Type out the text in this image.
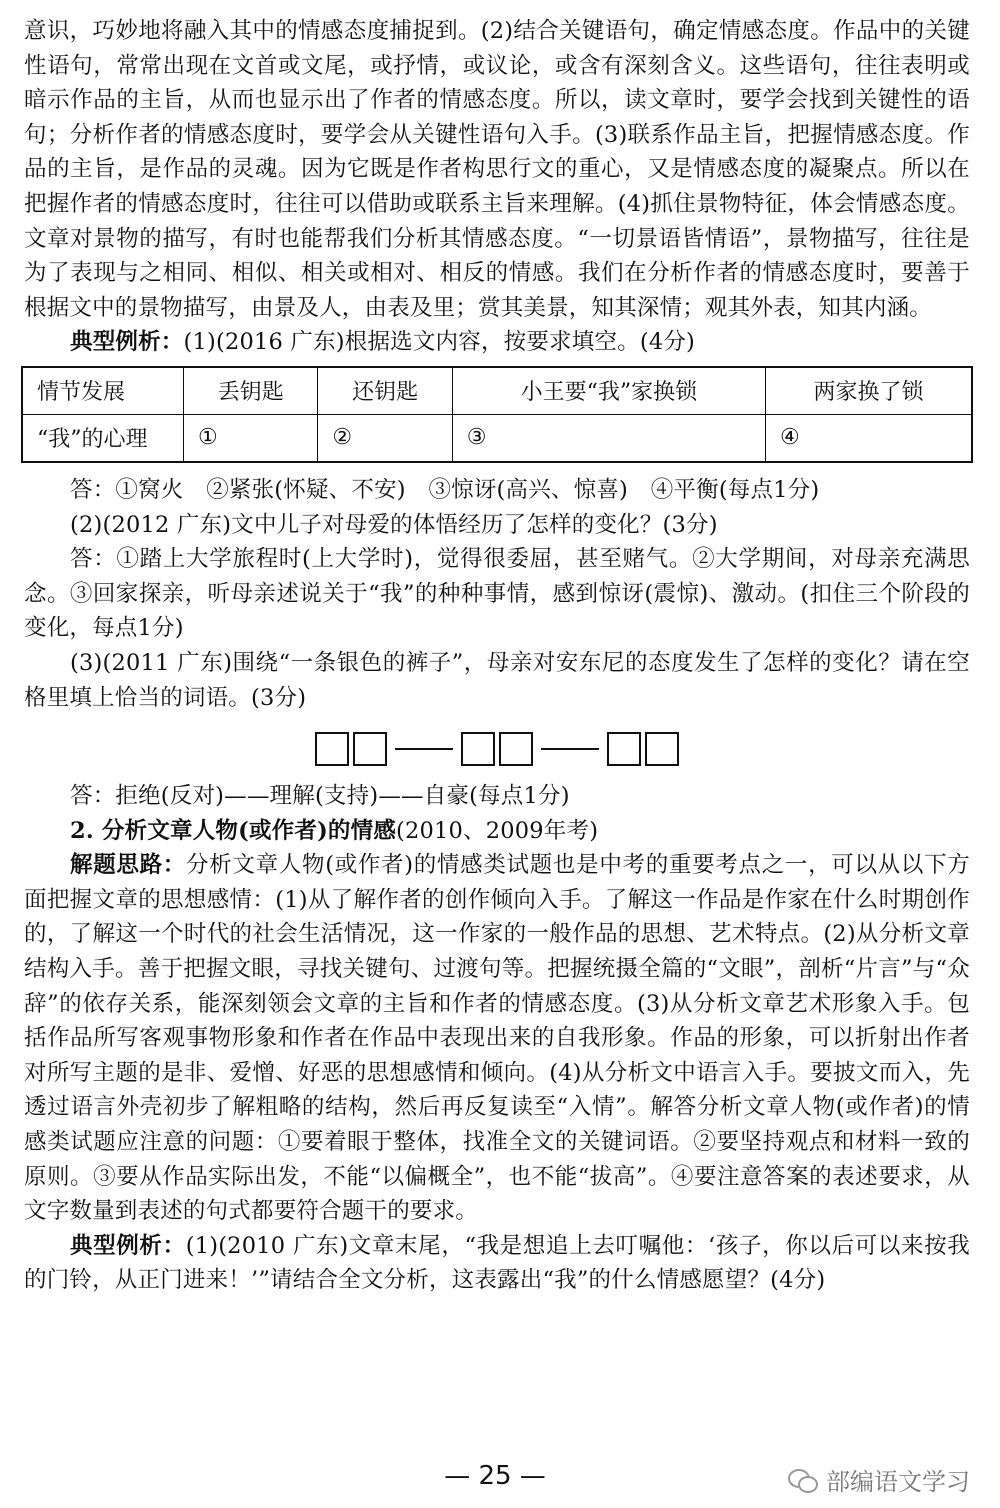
意识，巧妙地将融入其中的情感态度捕捉到。(2)结合关键语句，确定情感态度。作品中的关键性语句，常常出现在文首或文尾，或抒情，或议论，或含有深刻含义。这些语句，往往表明或暗示作品的主旨，从而也显示出了作者的情感态度。所以，读文章时，要学会找到关键性的语句；分析作者的情感态度时，要学会从关键性语句入手。(3)联系作品主旨，把握情感态度。作品的主旨，是作品的灵魂。因为它既是作者构思行文的重心，又是情感态度的凝聚点。所以在把握作者的情感态度时，往往可以借助或联系主旨来理解。(4)抓住景物特征，体会情感态度。文章对景物的描写，有时也能帮我们分析其情感态度。“一切景语皆情语”，景物描写，往往是为了表现与之相同、相似、相关或相对、相反的情感。我们在分析作者的情感态度时，要善于根据文中的景物描写，由景及人，由表及里；赏其美景，知其深情；观其外表，知其内涵。

典型例析：(1)(2016 广东)根据选文内容，按要求填空。(4分)

情节发展	丢钥匙	还钥匙	小王要“我”家换锁	两家换了锁
“我”的心理	①	②	③	④

答：①窝火　②紧张(怀疑、不安)　③惊讶(高兴、惊喜)　④平衡(每点1分)

(2)(2012 广东)文中儿子对母爱的体悟经历了怎样的变化？(3分)

答：①踏上大学旅程时(上大学时)，觉得很委屈，甚至赌气。②大学期间，对母亲充满思念。③回家探亲，听母亲述说关于“我”的种种事情，感到惊讶(震惊)、激动。(扣住三个阶段的变化，每点1分)

(3)(2011 广东)围绕“一条银色的裤子”，母亲对安东尼的态度发生了怎样的变化？请在空格里填上恰当的词语。(3分)

答：拒绝(反对)——理解(支持)——自豪(每点1分)

2. 分析文章人物(或作者)的情感(2010、2009年考)

解题思路：分析文章人物(或作者)的情感类试题也是中考的重要考点之一，可以从以下方面把握文章的思想感情：(1)从了解作者的创作倾向入手。了解这一作品是作家在什么时期创作的，了解这一个时代的社会生活情况，这一作家的一般作品的思想、艺术特点。(2)从分析文章结构入手。善于把握文眼，寻找关键句、过渡句等。把握统摄全篇的“文眼”，剖析“片言”与“众辞”的依存关系，能深刻领会文章的主旨和作者的情感态度。(3)从分析文章艺术形象入手。包括作品所写客观事物形象和作者在作品中表现出来的自我形象。作品的形象，可以折射出作者对所写主题的是非、爱憎、好恶的思想感情和倾向。(4)从分析文中语言入手。要披文而入，先透过语言外壳初步了解粗略的结构，然后再反复读至“入情”。解答分析文章人物(或作者)的情感类试题应注意的问题：①要着眼于整体，找准全文的关键词语。②要坚持观点和材料一致的原则。③要从作品实际出发，不能“以偏概全”，也不能“拔高”。④要注意答案的表述要求，从文字数量到表述的句式都要符合题干的要求。

典型例析：(1)(2010 广东)文章末尾，“我是想追上去叮嘱他：‘孩子，你以后可以来按我的门铃，从正门进来！’”请结合全文分析，这表露出“我”的什么情感愿望？(4分)

— 25 —	部编语文学习
